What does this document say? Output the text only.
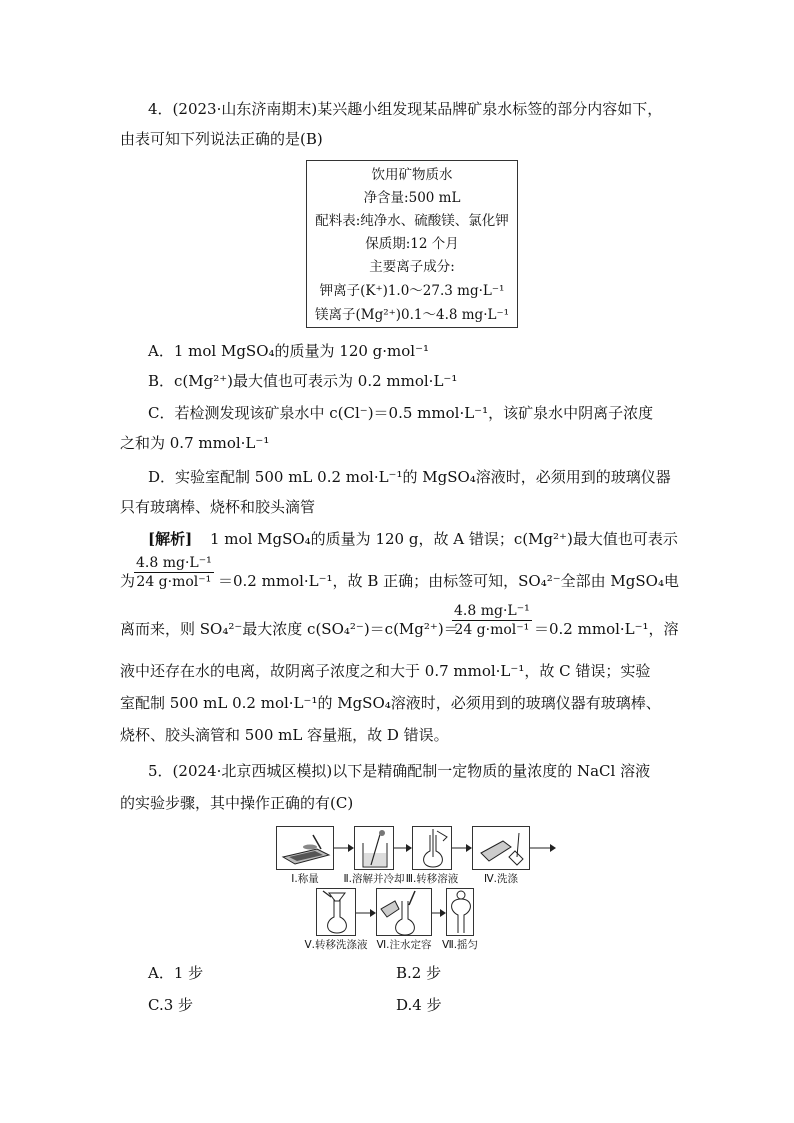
4．(2023·山东济南期末)某兴趣小组发现某品牌矿泉水标签的部分内容如下，
由表可知下列说法正确的是(B)
饮用矿物质水
净含量:500 mL
配料表:纯净水、硫酸镁、氯化钾
保质期:12 个月
主要离子成分:
钾离子(K⁺)1.0～27.3 mg·L⁻¹
镁离子(Mg²⁺)0.1～4.8 mg·L⁻¹
A．1 mol MgSO₄的质量为 120 g·mol⁻¹
B．c(Mg²⁺)最大值也可表示为 0.2 mmol·L⁻¹
C．若检测发现该矿泉水中 c(Cl⁻)＝0.5 mmol·L⁻¹，该矿泉水中阴离子浓度
之和为 0.7 mmol·L⁻¹
D．实验室配制 500 mL 0.2 mol·L⁻¹的 MgSO₄溶液时，必须用到的玻璃仪器
只有玻璃棒、烧杯和胶头滴管
[解析] 1 mol MgSO₄的质量为 120 g，故 A 错误；c(Mg²⁺)最大值也可表示
为
4.8 mg·L⁻¹
24 g·mol⁻¹ ＝0.2 mmol·L⁻¹，故 B 正确；由标签可知，SO₄²⁻全部由 MgSO₄电
离而来，则 SO₄²⁻最大浓度 c(SO₄²⁻)＝c(Mg²⁺)＝
4.8 mg·L⁻¹
24 g·mol⁻¹ ＝0.2 mmol·L⁻¹，溶
液中还存在水的电离，故阴离子浓度之和大于 0.7 mmol·L⁻¹，故 C 错误；实验
室配制 500 mL 0.2 mol·L⁻¹的 MgSO₄溶液时，必须用到的玻璃仪器有玻璃棒、
烧杯、胶头滴管和 500 mL 容量瓶，故 D 错误。
5．(2024·北京西城区模拟)以下是精确配制一定物质的量浓度的 NaCl 溶液
的实验步骤，其中操作正确的有(C)
Ⅰ.称量	Ⅱ.溶解并冷却 Ⅲ.转移溶液	Ⅳ.洗涤
Ⅴ.转移洗涤液 Ⅵ.注水定容 Ⅶ.摇匀
A．1 步	B.2 步
C.3 步	D.4 步
